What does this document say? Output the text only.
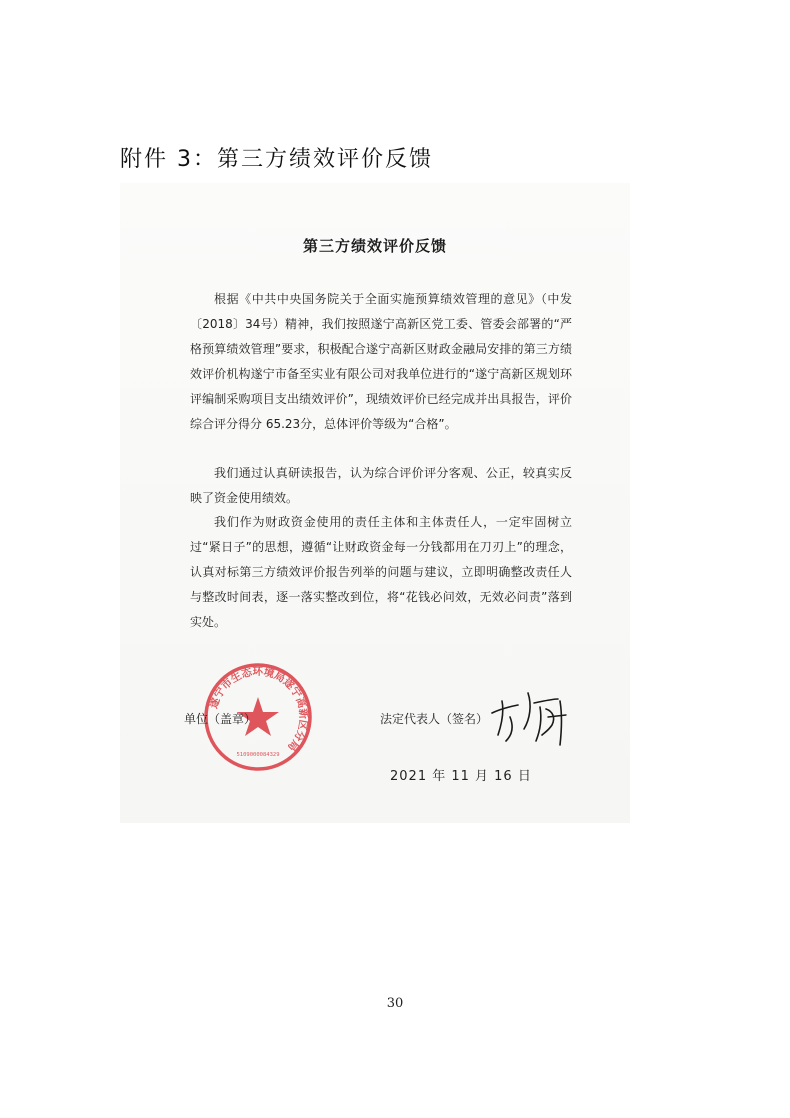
附件 3：第三方绩效评价反馈
第三方绩效评价反馈
根据《中共中央国务院关于全面实施预算绩效管理的意见》（中发〔2018〕34号）精神，我们按照遂宁高新区党工委、管委会部署的“严格预算绩效管理”要求，积极配合遂宁高新区财政金融局安排的第三方绩效评价机构遂宁市备至实业有限公司对我单位进行的“遂宁高新区规划环评编制采购项目支出绩效评价”，现绩效评价已经完成并出具报告，评价综合评分得分 65.23分，总体评价等级为“合格”。
我们通过认真研读报告，认为综合评价评分客观、公正，较真实反映了资金使用绩效。
我们作为财政资金使用的责任主体和主体责任人，一定牢固树立过“紧日子”的思想，遵循“让财政资金每一分钱都用在刀刃上”的理念，认真对标第三方绩效评价报告列举的问题与建议，立即明确整改责任人与整改时间表，逐一落实整改到位，将“花钱必问效，无效必问责”落到实处。
遂宁市生态环境局遂宁高新区分局
5109000084329
单位（盖章）	法定代表人（签名）
2021 年 11 月 16 日
30
